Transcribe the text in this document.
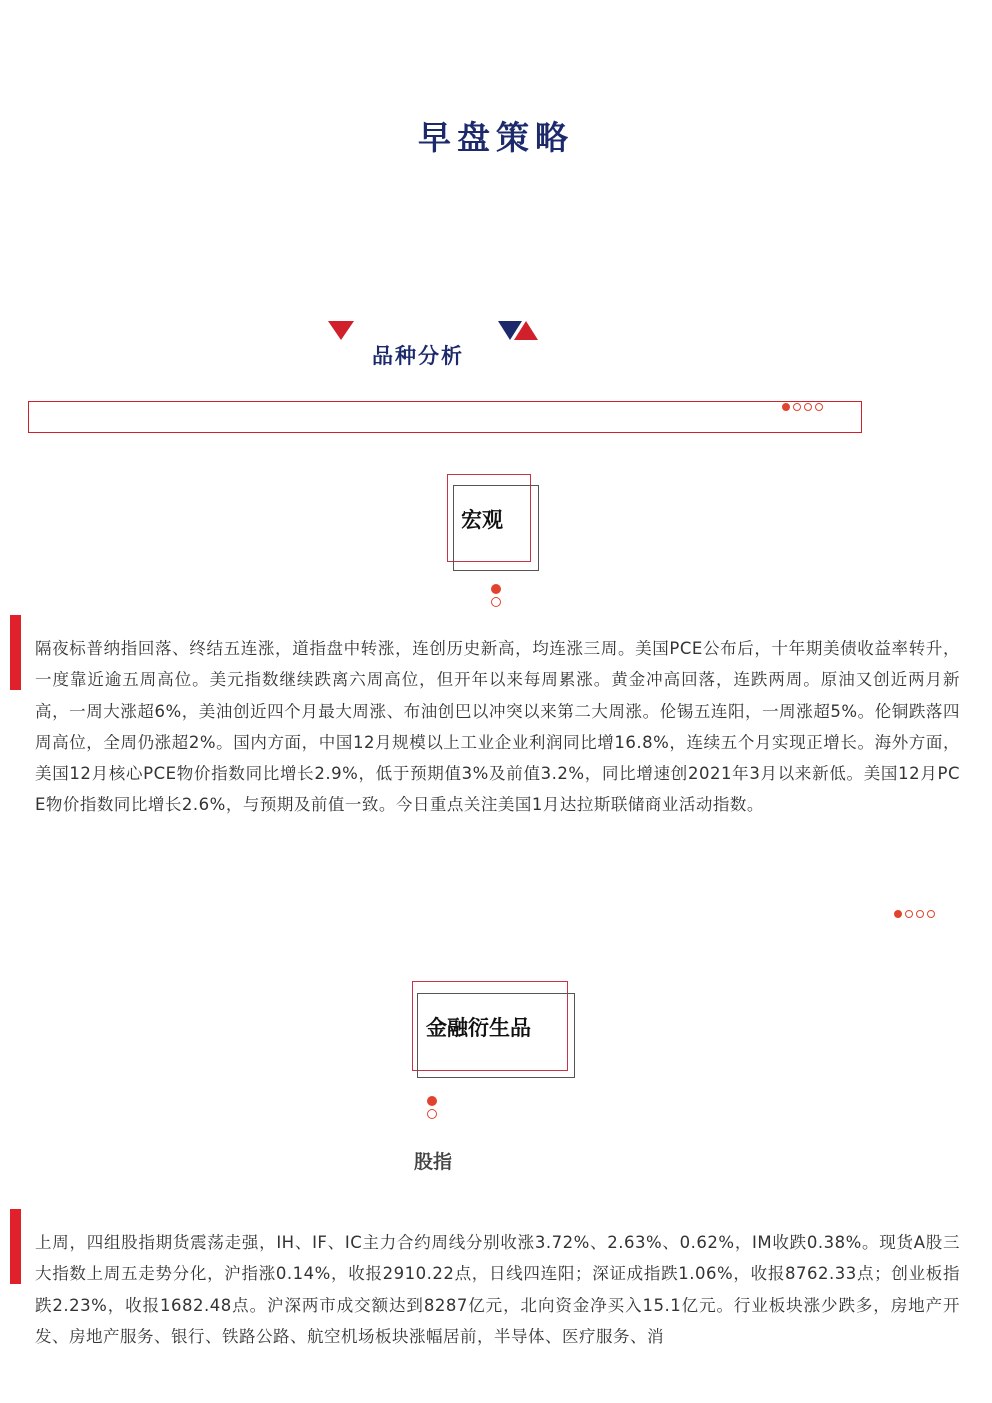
早盘策略
品种分析
宏观
隔夜标普纳指回落、终结五连涨，道指盘中转涨，连创历史新高，均连涨三周。美国PCE公布后，十年期美债收益率转升，一度靠近逾五周高位。美元指数继续跌离六周高位，但开年以来每周累涨。黄金冲高回落，连跌两周。原油又创近两月新高，一周大涨超6%，美油创近四个月最大周涨、布油创巴以冲突以来第二大周涨。伦锡五连阳，一周涨超5%。伦铜跌落四周高位，全周仍涨超2%。国内方面，中国12月规模以上工业企业利润同比增16.8%，连续五个月实现正增长。海外方面，美国12月核心PCE物价指数同比增长2.9%，低于预期值3%及前值3.2%，同比增速创2021年3月以来新低。美国12月PCE物价指数同比增长2.6%，与预期及前值一致。今日重点关注美国1月达拉斯联储商业活动指数。
金融衍生品
股指
上周，四组股指期货震荡走强，IH、IF、IC主力合约周线分别收涨3.72%、2.63%、0.62%，IM收跌0.38%。现货A股三大指数上周五走势分化，沪指涨0.14%，收报2910.22点，日线四连阳；深证成指跌1.06%，收报8762.33点；创业板指跌2.23%，收报1682.48点。沪深两市成交额达到8287亿元，北向资金净买入15.1亿元。行业板块涨少跌多，房地产开发、房地产服务、银行、铁路公路、航空机场板块涨幅居前，半导体、医疗服务、消
